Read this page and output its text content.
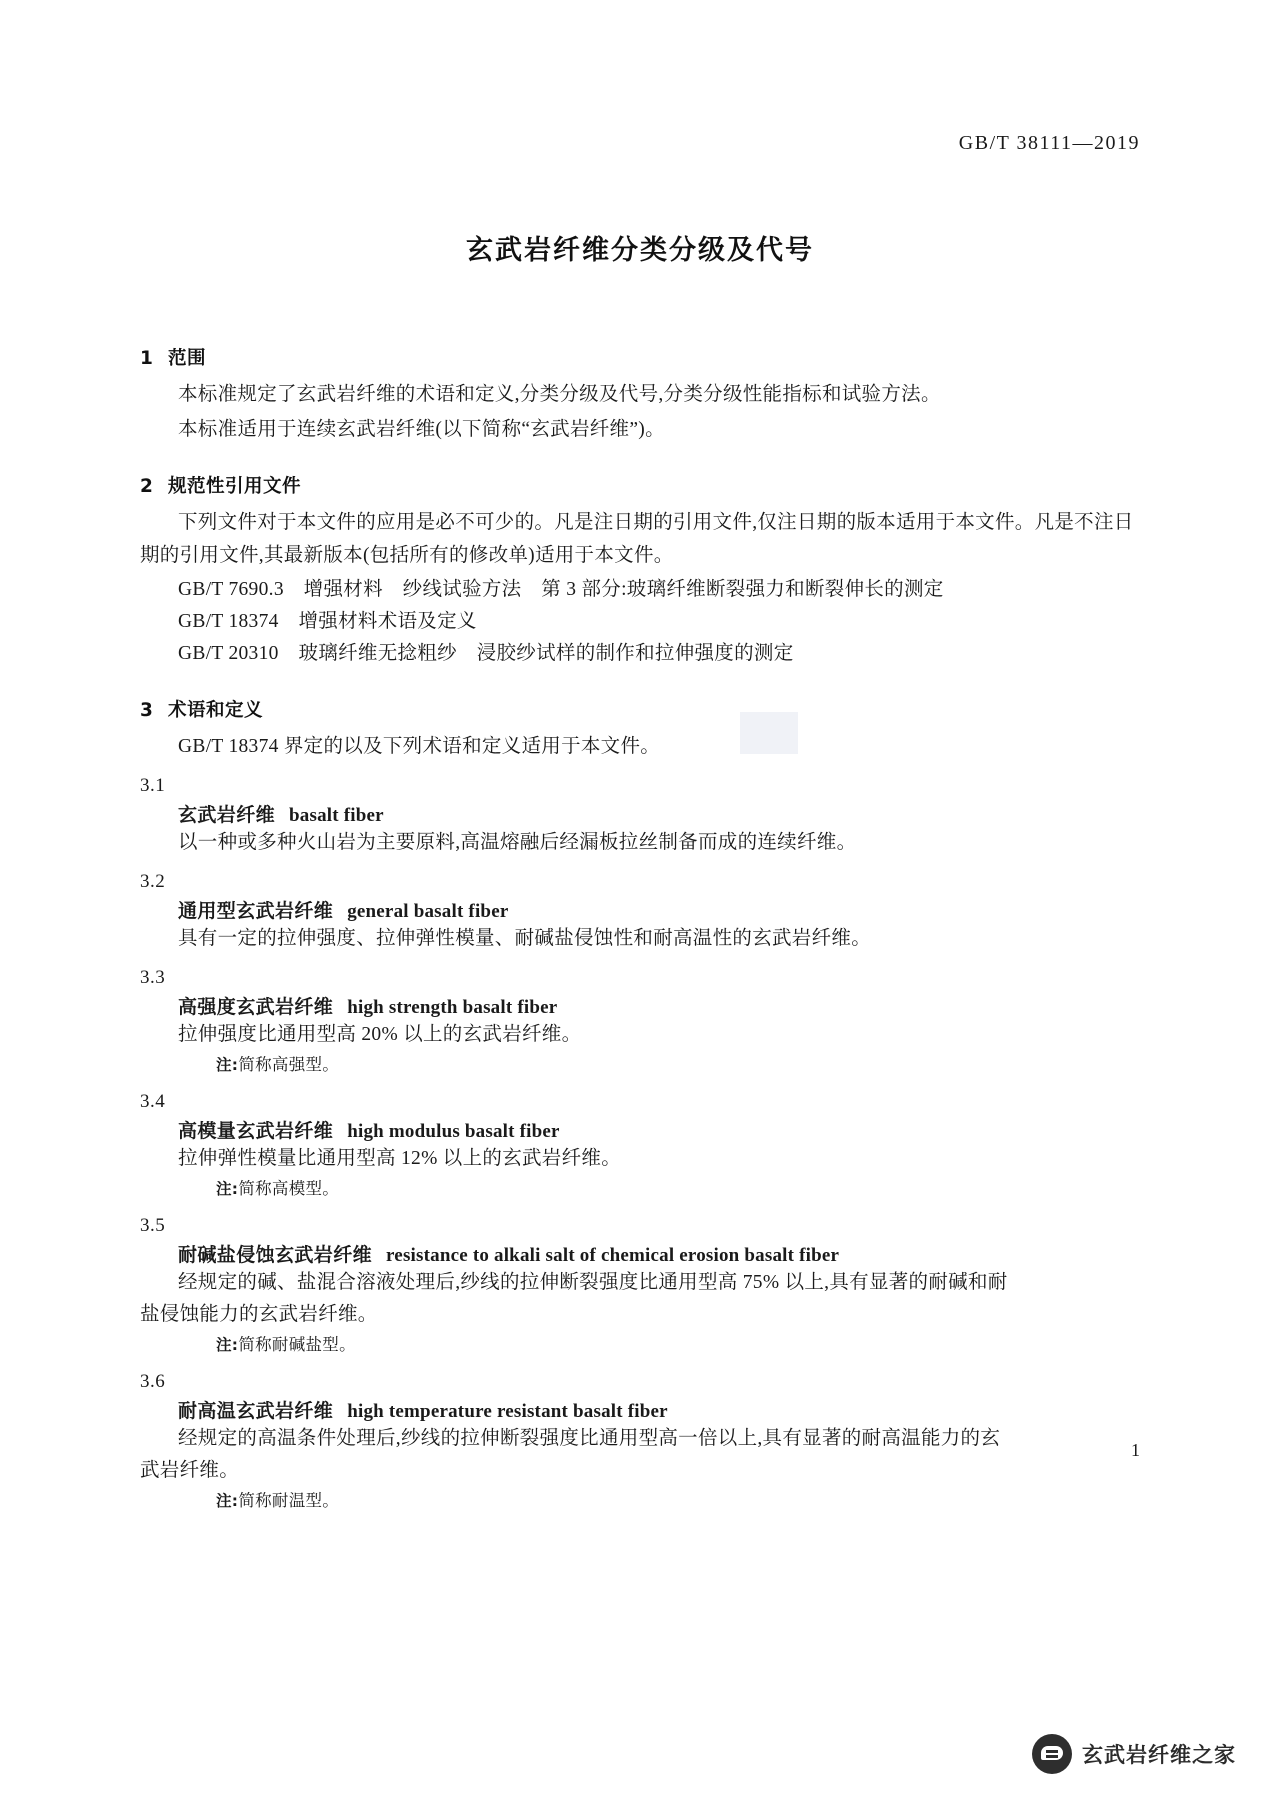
GB/T 38111—2019
玄武岩纤维分类分级及代号
1 范围
本标准规定了玄武岩纤维的术语和定义,分类分级及代号,分类分级性能指标和试验方法。
本标准适用于连续玄武岩纤维(以下简称“玄武岩纤维”)。
2 规范性引用文件
下列文件对于本文件的应用是必不可少的。凡是注日期的引用文件,仅注日期的版本适用于本文件。凡是不注日期的引用文件,其最新版本(包括所有的修改单)适用于本文件。
GB/T 7690.3　增强材料　纱线试验方法　第 3 部分:玻璃纤维断裂强力和断裂伸长的测定
GB/T 18374　增强材料术语及定义
GB/T 20310　玻璃纤维无捻粗纱　浸胶纱试样的制作和拉伸强度的测定
3 术语和定义
GB/T 18374 界定的以及下列术语和定义适用于本文件。
3.1
玄武岩纤维 basalt fiber
以一种或多种火山岩为主要原料,高温熔融后经漏板拉丝制备而成的连续纤维。
3.2
通用型玄武岩纤维 general basalt fiber
具有一定的拉伸强度、拉伸弹性模量、耐碱盐侵蚀性和耐高温性的玄武岩纤维。
3.3
高强度玄武岩纤维 high strength basalt fiber
拉伸强度比通用型高 20% 以上的玄武岩纤维。
注:简称高强型。
3.4
高模量玄武岩纤维 high modulus basalt fiber
拉伸弹性模量比通用型高 12% 以上的玄武岩纤维。
注:简称高模型。
3.5
耐碱盐侵蚀玄武岩纤维 resistance to alkali salt of chemical erosion basalt fiber
经规定的碱、盐混合溶液处理后,纱线的拉伸断裂强度比通用型高 75% 以上,具有显著的耐碱和耐
盐侵蚀能力的玄武岩纤维。
注:简称耐碱盐型。
3.6
耐高温玄武岩纤维 high temperature resistant basalt fiber
经规定的高温条件处理后,纱线的拉伸断裂强度比通用型高一倍以上,具有显著的耐高温能力的玄
武岩纤维。
注:简称耐温型。
1
玄武岩纤维之家
